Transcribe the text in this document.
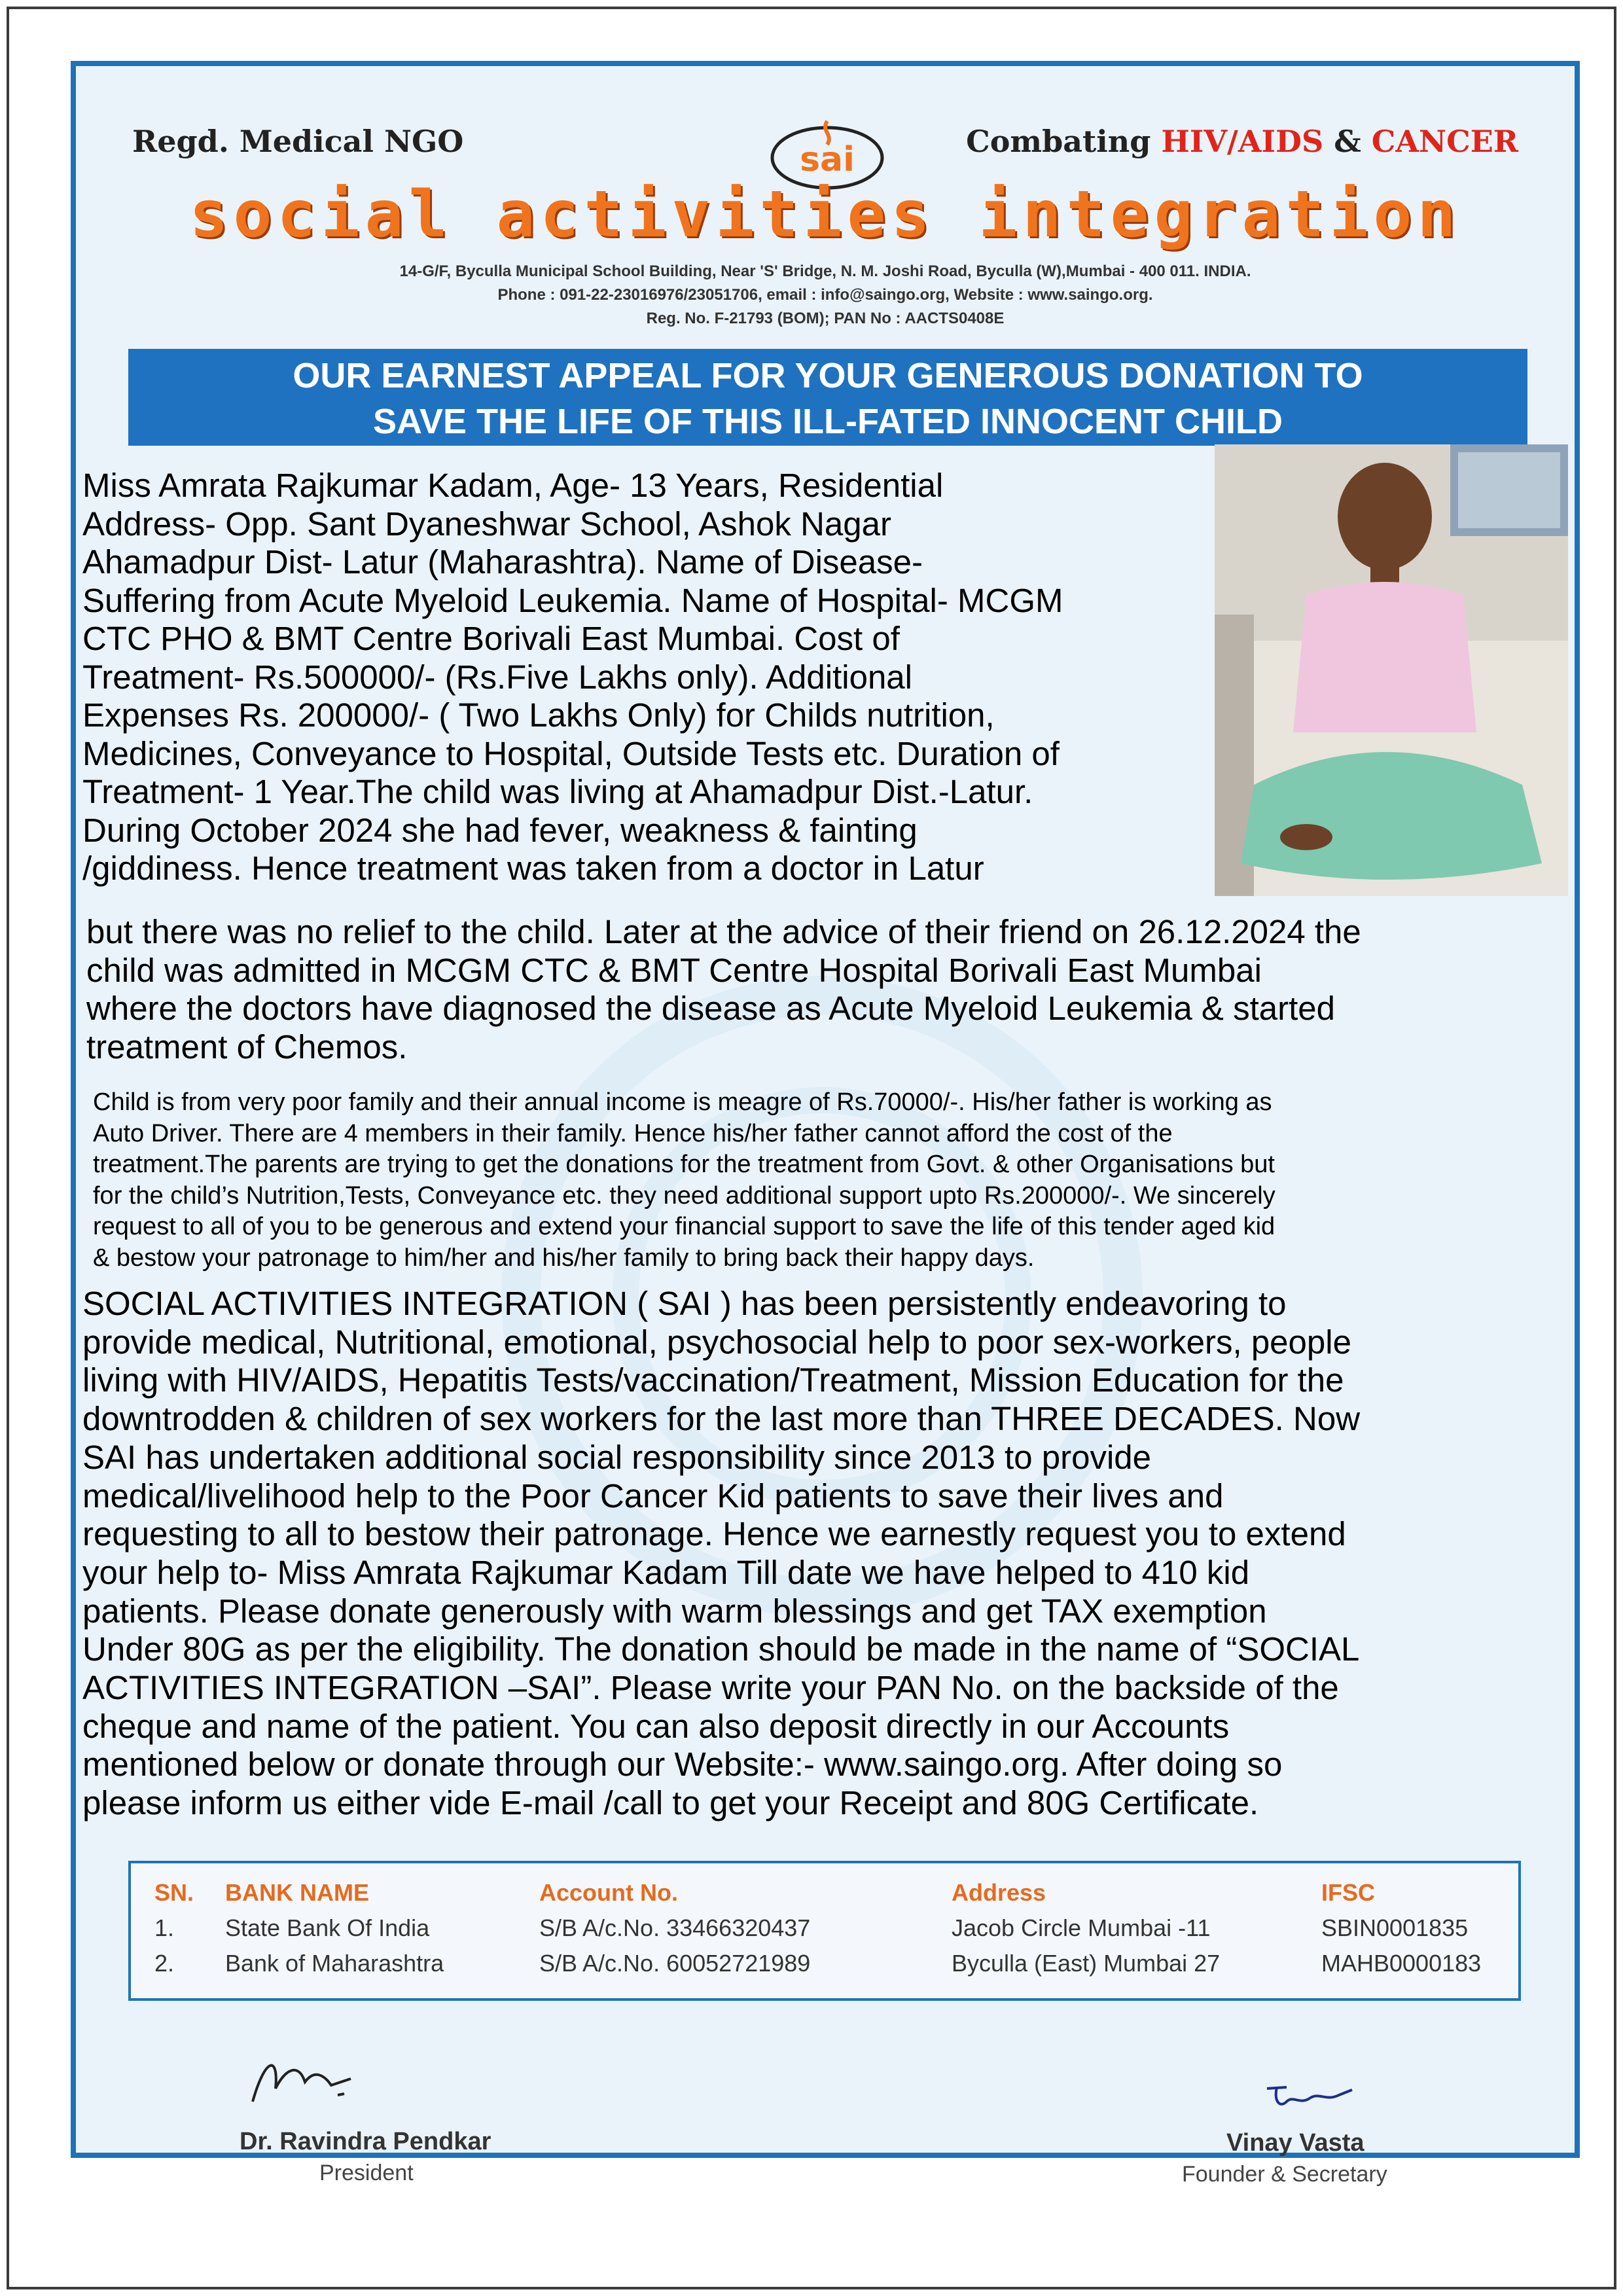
Regd. Medical NGO	sai	Combating HIV/AIDS & CANCER
social activities integration
14-G/F, Byculla Municipal School Building, Near 'S' Bridge, N. M. Joshi Road, Byculla (W),Mumbai - 400 011. INDIA.
Phone : 091-22-23016976/23051706, email : info@saingo.org, Website : www.saingo.org.
Reg. No. F-21793 (BOM); PAN No : AACTS0408E
OUR EARNEST APPEAL FOR YOUR GENEROUS DONATION TO
SAVE THE LIFE OF THIS ILL-FATED INNOCENT CHILD

Miss Amrata Rajkumar Kadam, Age- 13 Years, Residential

Address- Opp. Sant Dyaneshwar School, Ashok Nagar

Ahamadpur Dist- Latur (Maharashtra). Name of Disease-

Suffering from Acute Myeloid Leukemia. Name of Hospital- MCGM

CTC PHO & BMT Centre Borivali East Mumbai. Cost of

Treatment- Rs.500000/- (Rs.Five Lakhs only). Additional

Expenses Rs. 200000/- ( Two Lakhs Only) for Childs nutrition,

Medicines, Conveyance to Hospital, Outside Tests etc. Duration of

Treatment- 1 Year.The child was living at Ahamadpur Dist.-Latur.

During October 2024 she had fever, weakness & fainting

/giddiness. Hence treatment was taken from a doctor in Latur

but there was no relief to the child. Later at the advice of their friend on 26.12.2024 the

child was admitted in MCGM CTC & BMT Centre Hospital Borivali East Mumbai

where the doctors have diagnosed the disease as Acute Myeloid Leukemia & started

treatment of Chemos.

Child is from very poor family and their annual income is meagre of Rs.70000/-. His/her father is working as

Auto Driver. There are 4 members in their family. Hence his/her father cannot afford the cost of the

treatment.The parents are trying to get the donations for the treatment from Govt. & other Organisations but

for the child’s Nutrition,Tests, Conveyance etc. they need additional support upto Rs.200000/-. We sincerely

request to all of you to be generous and extend your financial support to save the life of this tender aged kid

& bestow your patronage to him/her and his/her family to bring back their happy days.

SOCIAL ACTIVITIES INTEGRATION ( SAI ) has been persistently endeavoring to

provide medical, Nutritional, emotional, psychosocial help to poor sex-workers, people

living with HIV/AIDS, Hepatitis Tests/vaccination/Treatment, Mission Education for the

downtrodden & children of sex workers for the last more than THREE DECADES. Now

SAI has undertaken additional social responsibility since 2013 to provide

medical/livelihood help to the Poor Cancer Kid patients to save their lives and

requesting to all to bestow their patronage. Hence we earnestly request you to extend

your help to- Miss Amrata Rajkumar Kadam Till date we have helped to 410 kid

patients. Please donate generously with warm blessings and get TAX exemption

Under 80G as per the eligibility. The donation should be made in the name of “SOCIAL

ACTIVITIES INTEGRATION –SAI”. Please write your PAN No. on the backside of the

cheque and name of the patient. You can also deposit directly in our Accounts

mentioned below or donate through our Website:- www.saingo.org. After doing so

please inform us either vide E-mail /call to get your Receipt and 80G Certificate.

SN.	BANK NAME	Account No.	Address	IFSC
1.	State Bank Of India	S/B A/c.No. 33466320437	Jacob Circle Mumbai -11	SBIN0001835
2.	Bank of Maharashtra	S/B A/c.No. 60052721989	Byculla (East) Mumbai 27	MAHB0000183
Dr. Ravindra Pendkar
President
Vinay Vasta
Founder & Secretary
